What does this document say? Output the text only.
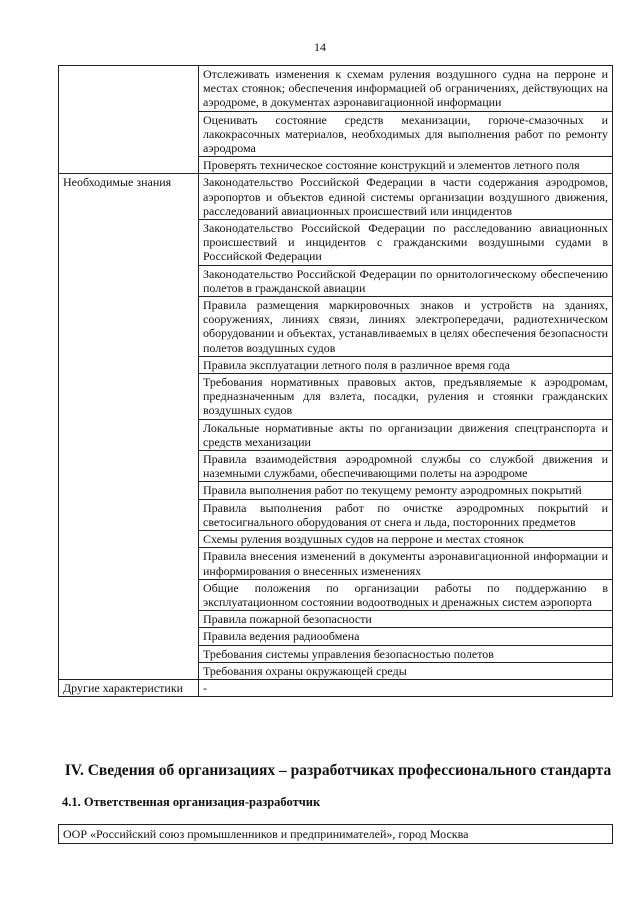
14
	Отслеживать изменения к схемам руления воздушного судна на перроне и местах стоянок; обеспечения информацией об ограничениях, действующих на аэродроме, в документах аэронавигационной информации
	Оценивать состояние средств механизации, горюче-смазочных и лакокрасочных материалов, необходимых для выполнения работ по ремонту аэродрома
	Проверять техническое состояние конструкций и элементов летного поля
Необходимые знания	Законодательство Российской Федерации в части содержания аэродромов, аэропортов и объектов единой системы организации воздушного движения, расследований авиационных происшествий или инцидентов
	Законодательство Российской Федерации по расследованию авиационных происшествий и инцидентов с гражданскими воздушными судами в Российской Федерации
	Законодательство Российской Федерации по орнитологическому обеспечению полетов в гражданской авиации
	Правила размещения маркировочных знаков и устройств на зданиях, сооружениях, линиях связи, линиях электропередачи, радиотехническом оборудовании и объектах, устанавливаемых в целях обеспечения безопасности полетов воздушных судов
	Правила эксплуатации летного поля в различное время года
	Требования нормативных правовых актов, предъявляемые к аэродромам, предназначенным для взлета, посадки, руления и стоянки гражданских воздушных судов
	Локальные нормативные акты по организации движения спецтранспорта и средств механизации
	Правила взаимодействия аэродромной службы со службой движения и наземными службами, обеспечивающими полеты на аэродроме
	Правила выполнения работ по текущему ремонту аэродромных покрытий
	Правила выполнения работ по очистке аэродромных покрытий и светосигнального оборудования от снега и льда, посторонних предметов
	Схемы руления воздушных судов на перроне и местах стоянок
	Правила внесения изменений в документы аэронавигационной информации и информирования о внесенных изменениях
	Общие положения по организации работы по поддержанию в эксплуатационном состоянии водоотводных и дренажных систем аэропорта
	Правила пожарной безопасности
	Правила ведения радиообмена
	Требования системы управления безопасностью полетов
	Требования охраны окружающей среды
Другие характеристики	-
IV. Сведения об организациях – разработчиках профессионального стандарта
4.1. Ответственная организация-разработчик
ООР «Российский союз промышленников и предпринимателей», город Москва
